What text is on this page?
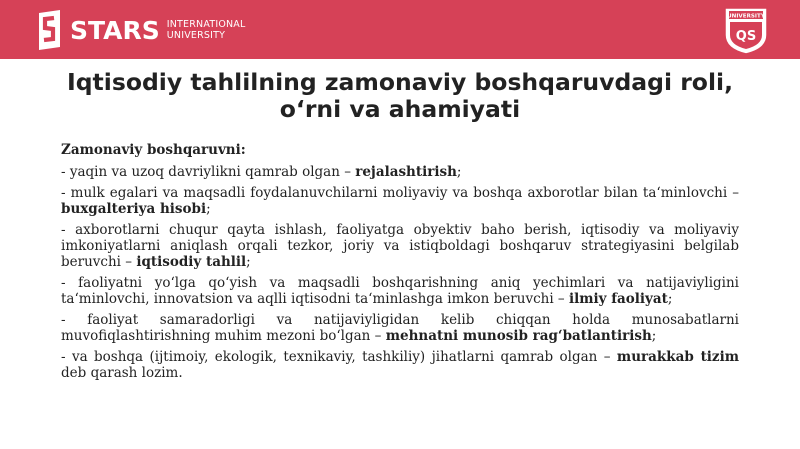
STARS INTERNATIONAL
UNIVERSITY
UNIVERSITY
QS
Iqtisodiy tahlilning zamonaviy boshqaruvdagi roli,
o‘rni va ahamiyati

Zamonaviy boshqaruvni:

- yaqin va uzoq davriylikni qamrab olgan – rejalashtirish;

- mulk egalari va maqsadli foydalanuvchilarni moliyaviy va boshqa axborotlar bilan ta‘minlovchi – buxgalteriya hisobi;

- axborotlarni chuqur qayta ishlash, faoliyatga obyektiv baho berish, iqtisodiy va moliyaviy imkoniyatlarni aniqlash orqali tezkor, joriy va istiqboldagi boshqaruv strategiyasini belgilab beruvchi – iqtisodiy tahlil;

- faoliyatni yo‘lga qo‘yish va maqsadli boshqarishning aniq yechimlari va natijaviyligini ta‘minlovchi, innovatsion va aqlli iqtisodni ta‘minlashga imkon beruvchi – ilmiy faoliyat;

- faoliyat samaradorligi va natijaviyligidan kelib chiqqan holda munosabatlarni muvofiqlashtirishning muhim mezoni bo‘lgan – mehnatni munosib rag‘batlantirish;

- va boshqa (ijtimoiy, ekologik, texnikaviy, tashkiliy) jihatlarni qamrab olgan – murakkab tizim deb qarash lozim.
